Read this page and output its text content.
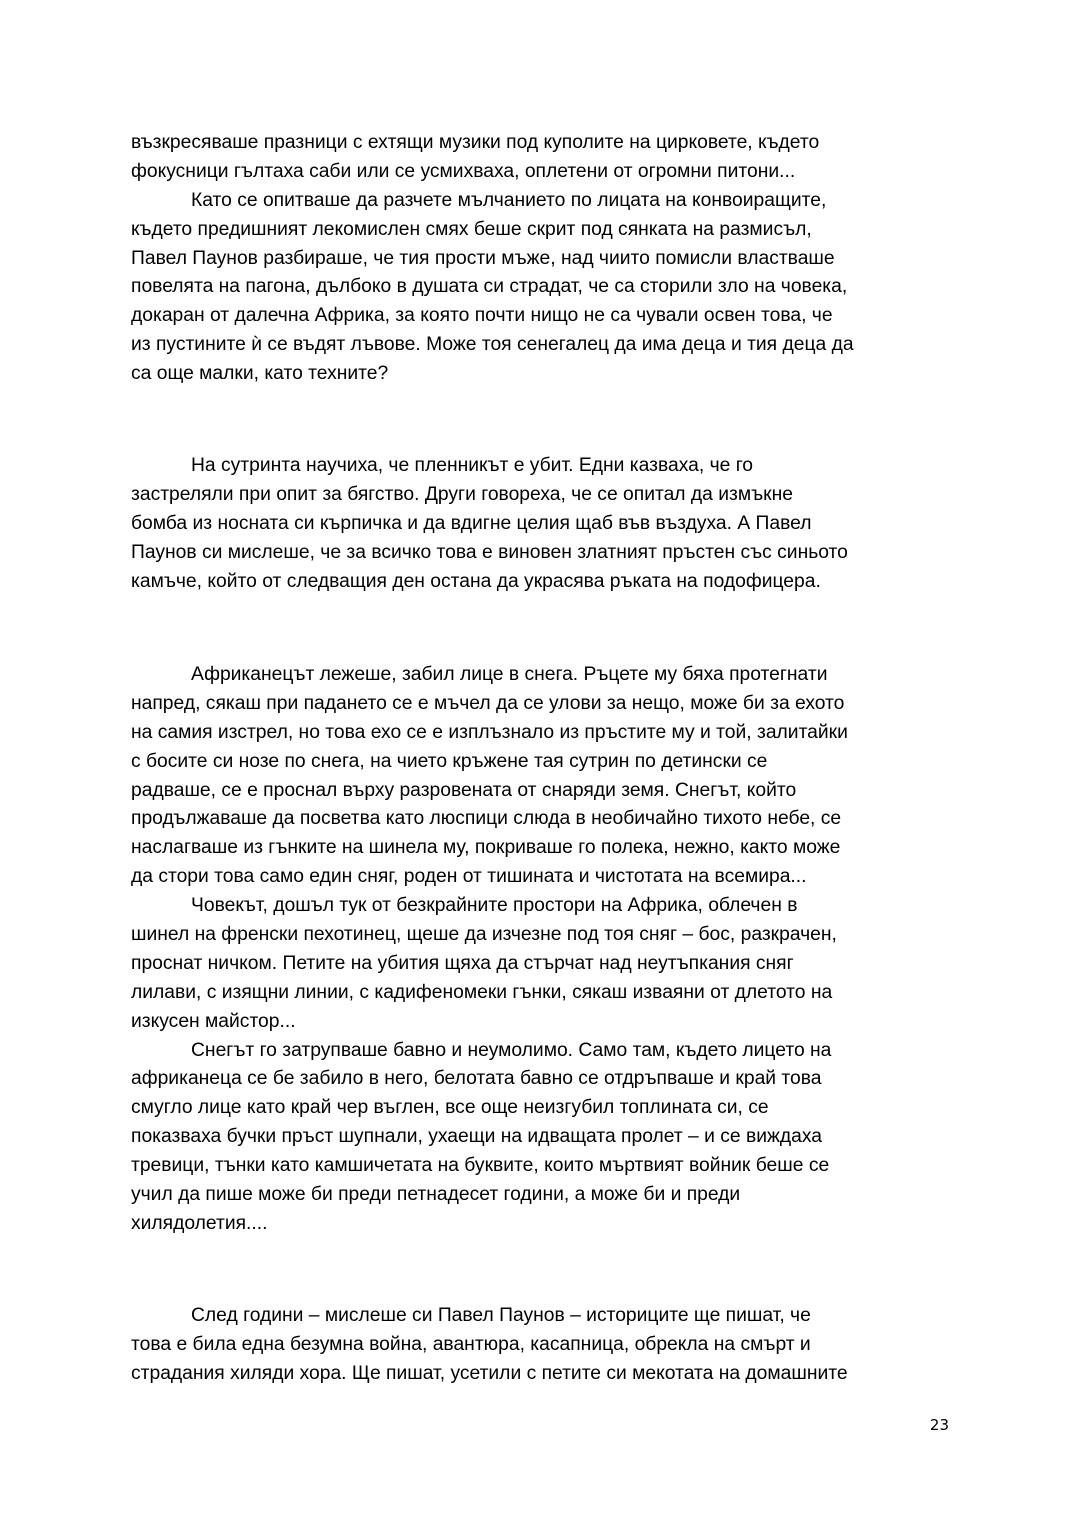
възкресяваше празници с ехтящи музики под куполите на цирковете, където
фокусници гълтаха саби или се усмихваха, оплетени от огромни питони...
Като се опитваше да разчете мълчанието по лицата на конвоиращите,
където предишният лекомислен смях беше скрит под сянката на размисъл,
Павел Паунов разбираше, че тия прости мъже, над чиито помисли властваше
повелята на пагона, дълбоко в душата си страдат, че са сторили зло на човека,
докаран от далечна Африка, за която почти нищо не са чували освен това, че
из пустините ѝ се въдят лъвове. Може тоя сенегалец да има деца и тия деца да
са още малки, като техните?
На сутринта научиха, че пленникът е убит. Едни казваха, че го
застреляли при опит за бягство. Други говореха, че се опитал да измъкне
бомба из носната си кърпичка и да вдигне целия щаб във въздуха. А Павел
Паунов си мислеше, че за всичко това е виновен златният пръстен със синьото
камъче, който от следващия ден остана да украсява ръката на подофицера.
Африканецът лежеше, забил лице в снега. Ръцете му бяха протегнати
напред, сякаш при падането се е мъчел да се улови за нещо, може би за ехото
на самия изстрел, но това ехо се е изплъзнало из пръстите му и той, залитайки
с босите си нозе по снега, на чието кръжене тая сутрин по детински се
радваше, се е проснал върху разровената от снаряди земя. Снегът, който
продължаваше да посветва като люспици слюда в необичайно тихото небе, се
наслагваше из гънките на шинела му, покриваше го полека, нежно, както може
да стори това само един сняг, роден от тишината и чистотата на всемира...
Човекът, дошъл тук от безкрайните простори на Африка, облечен в
шинел на френски пехотинец, щеше да изчезне под тоя сняг – бос, разкрачен,
проснат ничком. Петите на убития щяха да стърчат над неутъпкания сняг
лилави, с изящни линии, с кадифеномеки гънки, сякаш изваяни от длетото на
изкусен майстор...
Снегът го затрупваше бавно и неумолимо. Само там, където лицето на
африканеца се бе забило в него, белотата бавно се отдръпваше и край това
смугло лице като край чер въглен, все още неизгубил топлината си, се
показваха бучки пръст шупнали, ухаещи на идващата пролет – и се виждаха
тревици, тънки като камшичетата на буквите, които мъртвият войник беше се
учил да пише може би преди петнадесет години, а може би и преди
хилядолетия....
След години – мислеше си Павел Паунов – историците ще пишат, че
това е била една безумна война, авантюра, касапница, обрекла на смърт и
страдания хиляди хора. Ще пишат, усетили с петите си мекотата на домашните
23
